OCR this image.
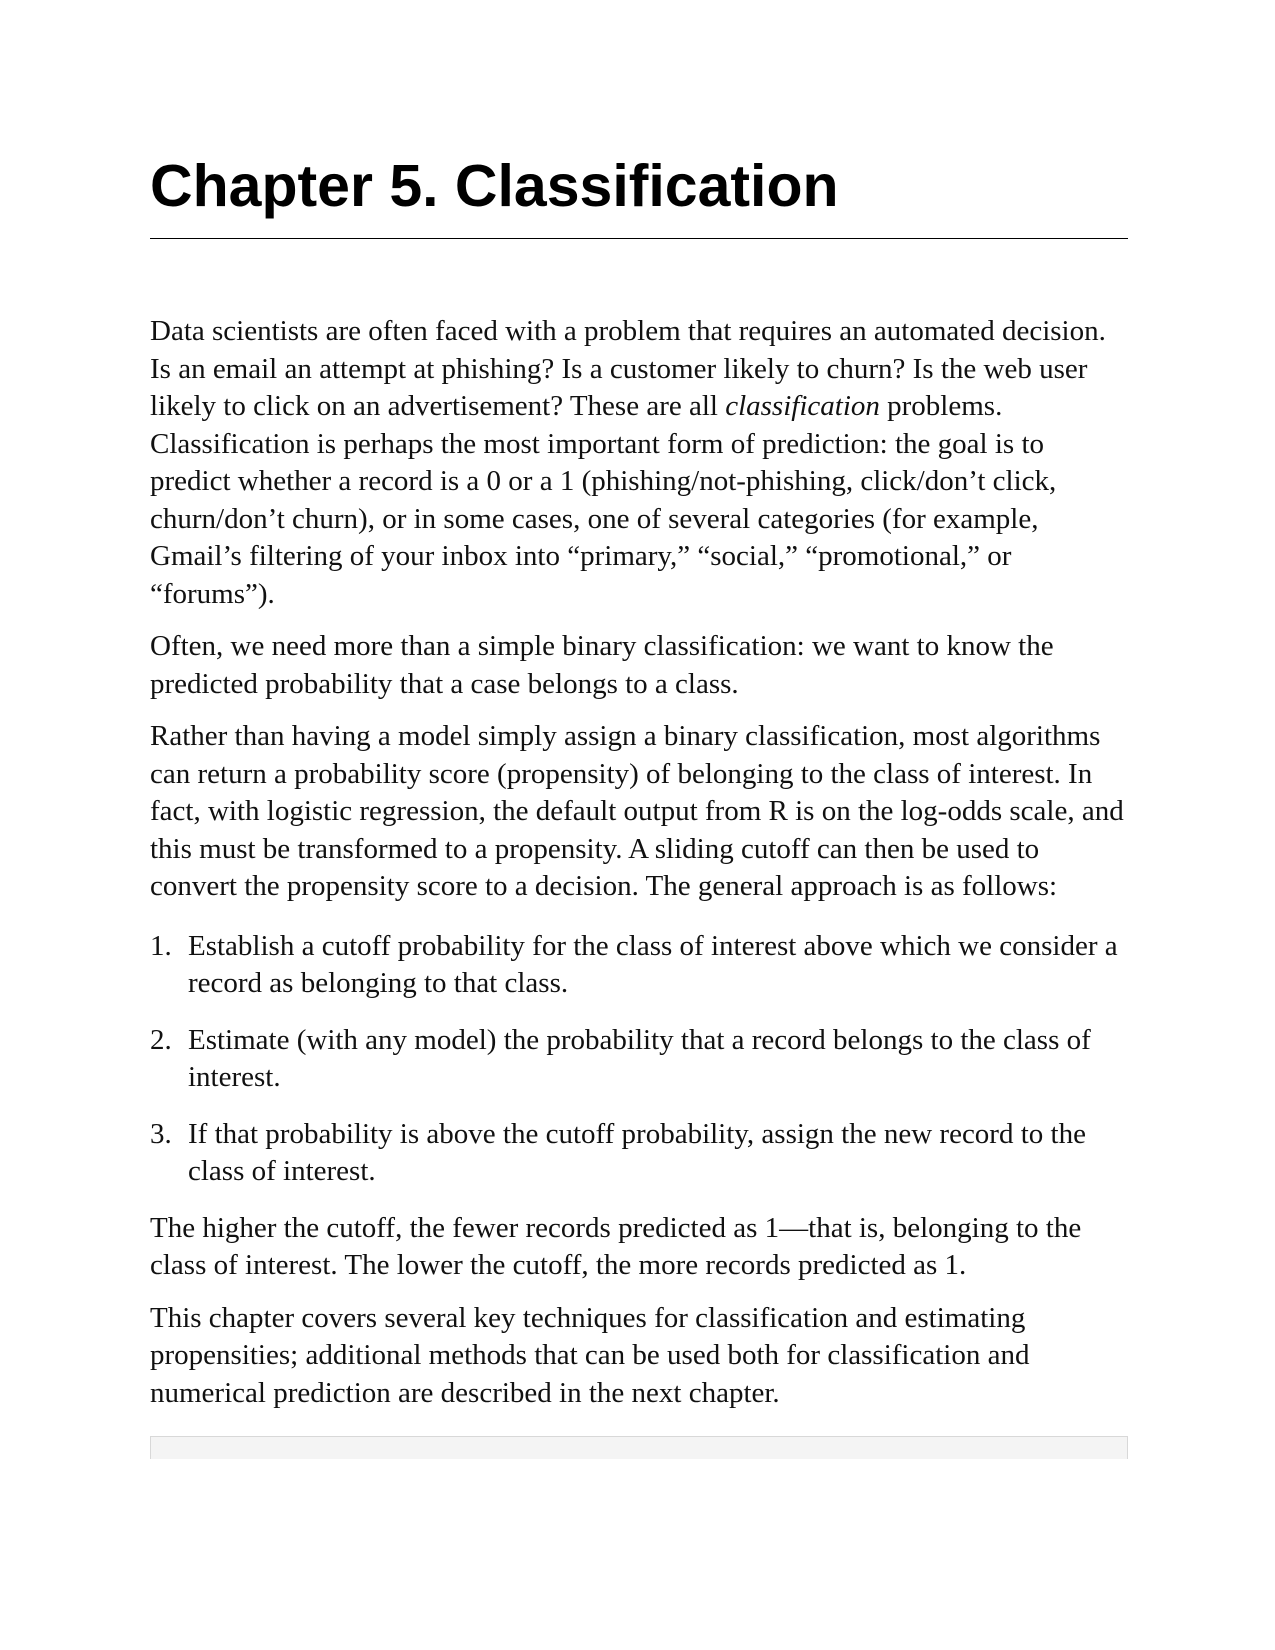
Chapter 5. Classification

Data scientists are often faced with a problem that requires an automated decision. Is an email an attempt at phishing? Is a customer likely to churn? Is the web user likely to click on an advertisement? These are all classification problems. Classification is perhaps the most important form of prediction: the goal is to predict whether a record is a 0 or a 1 (phishing/not-phishing, click/don’t click, churn/don’t churn), or in some cases, one of several categories (for example, Gmail’s filtering of your inbox into “primary,” “social,” “promotional,” or “forums”).

Often, we need more than a simple binary classification: we want to know the predicted probability that a case belongs to a class.

Rather than having a model simply assign a binary classification, most algorithms can return a probability score (propensity) of belonging to the class of interest. In fact, with logistic regression, the default output from R is on the log-odds scale, and this must be transformed to a propensity. A sliding cutoff can then be used to convert the propensity score to a decision. The general approach is as follows:

1. Establish a cutoff probability for the class of interest above which we consider a record as belonging to that class.
2. Estimate (with any model) the probability that a record belongs to the class of interest.
3. If that probability is above the cutoff probability, assign the new record to the class of interest.

The higher the cutoff, the fewer records predicted as 1—that is, belonging to the class of interest. The lower the cutoff, the more records predicted as 1.

This chapter covers several key techniques for classification and estimating propensities; additional methods that can be used both for classification and numerical prediction are described in the next chapter.
